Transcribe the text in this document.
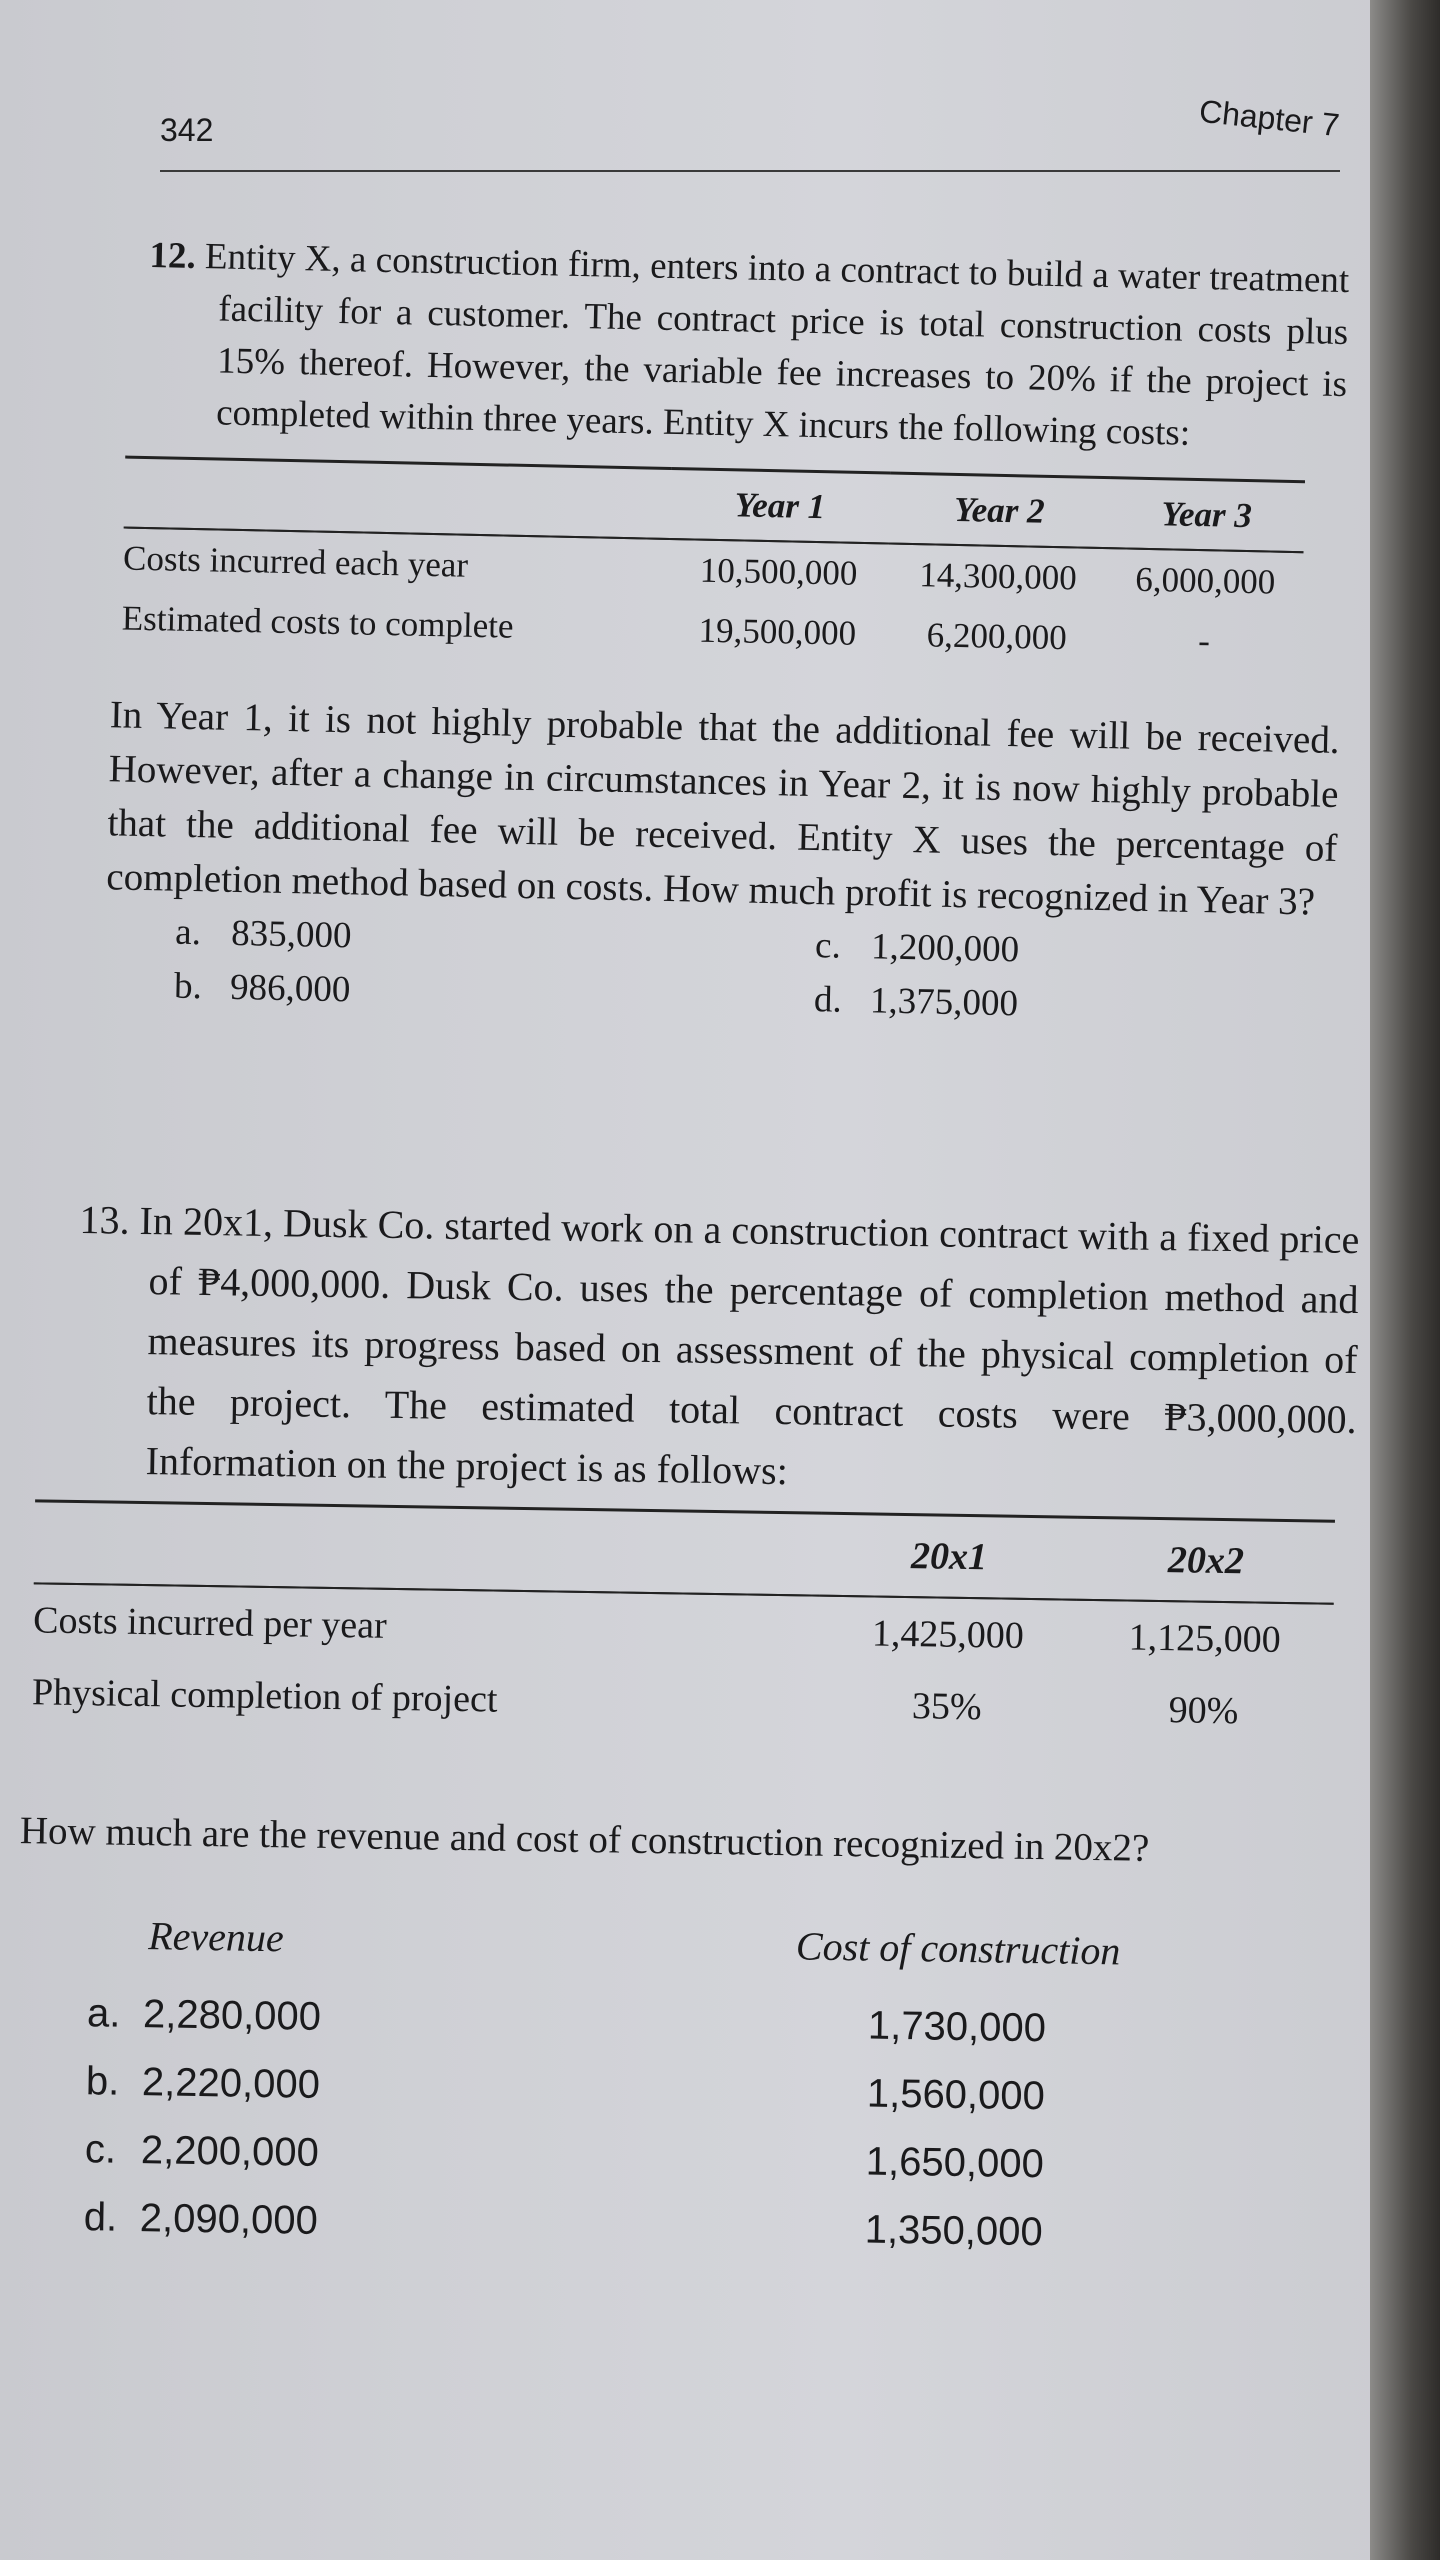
342	Chapter 7

12. Entity X, a construction firm, enters into a contract to build a water treatment facility for a customer. The contract price is total construction costs plus 15% thereof. However, the variable fee increases to 20% if the project is completed within three years. Entity X incurs the following costs:

	Year 1	Year 2	Year 3
Costs incurred each year	10,500,000	14,300,000	6,000,000
Estimated costs to complete	19,500,000	6,200,000	-

In Year 1, it is not highly probable that the additional fee will be received. However, after a change in circumstances in Year 2, it is now highly probable that the additional fee will be received. Entity X uses the percentage of completion method based on costs. How much profit is recognized in Year 3?

a. 835,000	c. 1,200,000
b. 986,000	d. 1,375,000

13. In 20x1, Dusk Co. started work on a construction contract with a fixed price of ₱4,000,000. Dusk Co. uses the percentage of completion method and measures its progress based on assessment of the physical completion of the project. The estimated total contract costs were ₱3,000,000. Information on the project is as follows:

	20x1	20x2
Costs incurred per year	1,425,000	1,125,000
Physical completion of project	35%	90%

How much are the revenue and cost of construction recognized in 20x2?

Revenue	Cost of construction
a. 2,280,000	1,730,000
b. 2,220,000	1,560,000
c. 2,200,000	1,650,000
d. 2,090,000	1,350,000
